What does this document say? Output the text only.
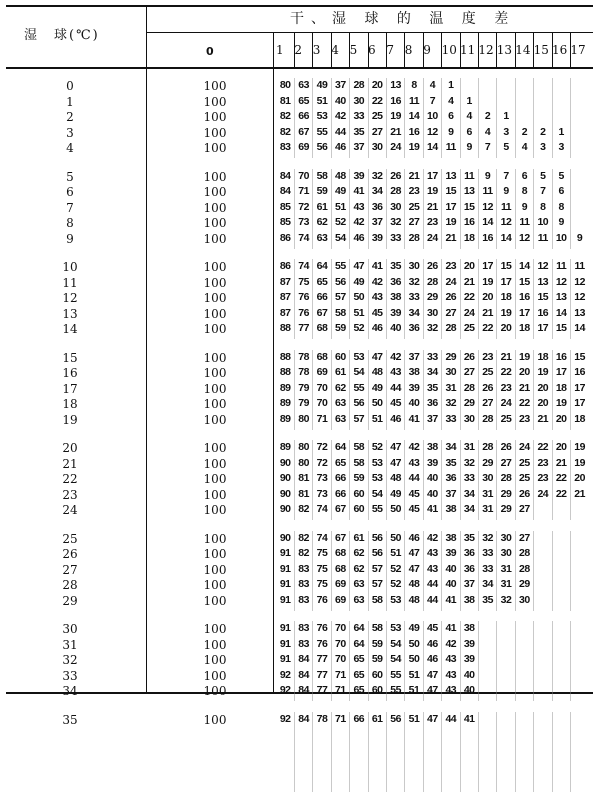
湿　球(℃)
干、湿 球 的 温 度 差
0	1 2 3 4 5 6 7 8 9 10 11 12 13 14 15 16 17
0	100	80 63 49 37 28 20 13 8	4	1
1	100	81 65 51 40 30 22 16 11	7	4	1
2	100	82 66 53 42 33 25 19 14 10 6	4	2	1
3	100	82 67 55 44 35 27 21 16 12 9	6	4	3	2	2	1
4	100	83 69 56 46 37 30 24 19 14 11	9	7	5	4	3	3
5	100	84 70 58 48 39 32 26 21 17 13 11	9	7	6	5	5
6	100	84 71 59 49 41 34 28 23 19 15 13 11	9	8	7	6
7	100	85 72 61 51 43 36 30 25 21 17 15 12 11	9	8	8
8	100	85 73 62 52 42 37 32 27 23 19 16 14 12 11 10 9
9	100	86 74 63 54 46 39 33 28 24 21 18 16 14 12 11 10 9
10	100	86 74 64 55 47 41 35 30 26 23 20 17 15 14 12 11 11
11	100	87 75 65 56 49 42 36 32 28 24 21 19 17 15 13 12 12
12	100	87 76 66 57 50 43 38 33 29 26 22 20 18 16 15 13 12
13	100	87 76 67 58 51 45 39 34 30 27 24 21 19 17 16 14 13
14	100	88 77 68 59 52 46 40 36 32 28 25 22 20 18 17 15 14
15	100	88 78 68 60 53 47 42 37 33 29 26 23 21 19 18 16 15
16	100	88 78 69 61 54 48 43 38 34 30 27 25 22 20 19 17 16
17	100	89 79 70 62 55 49 44 39 35 31 28 26 23 21 20 18 17
18	100	89 79 70 63 56 50 45 40 36 32 29 27 24 22 20 19 17
19	100	89 80 71 63 57 51 46 41 37 33 30 28 25 23 21 20 18
20	100	89 80 72 64 58 52 47 42 38 34 31 28 26 24 22 20 19
21	100	90 80 72 65 58 53 47 43 39 35 32 29 27 25 23 21 19
22	100	90 81 73 66 59 53 48 44 40 36 33 30 28 25 23 22 20
23	100	90 81 73 66 60 54 49 45 40 37 34 31 29 26 24 22 21
24	100	90 82 74 67 60 55 50 45 41 38 34 31 29 27
25	100	90 82 74 67 61 56 50 46 42 38 35 32 30 27
26	100	91 82 75 68 62 56 51 47 43 39 36 33 30 28
27	100	91 83 75 68 62 57 52 47 43 40 36 33 31 28
28	100	91 83 75 69 63 57 52 48 44 40 37 34 31 29
29	100	91 83 76 69 63 58 53 48 44 41 38 35 32 30
30	100	91 83 76 70 64 58 53 49 45 41 38
31	100	91 83 76 70 64 59 54 50 46 42 39
32	100	91 84 77 70 65 59 54 50 46 43 39
33	100	92 84 77 71 65 60 55 51 47 43 40
34	100	92 84 77 71 65 60 55 51 47 43 40
35	100	92 84 78 71 66 61 56 51 47 44 41
